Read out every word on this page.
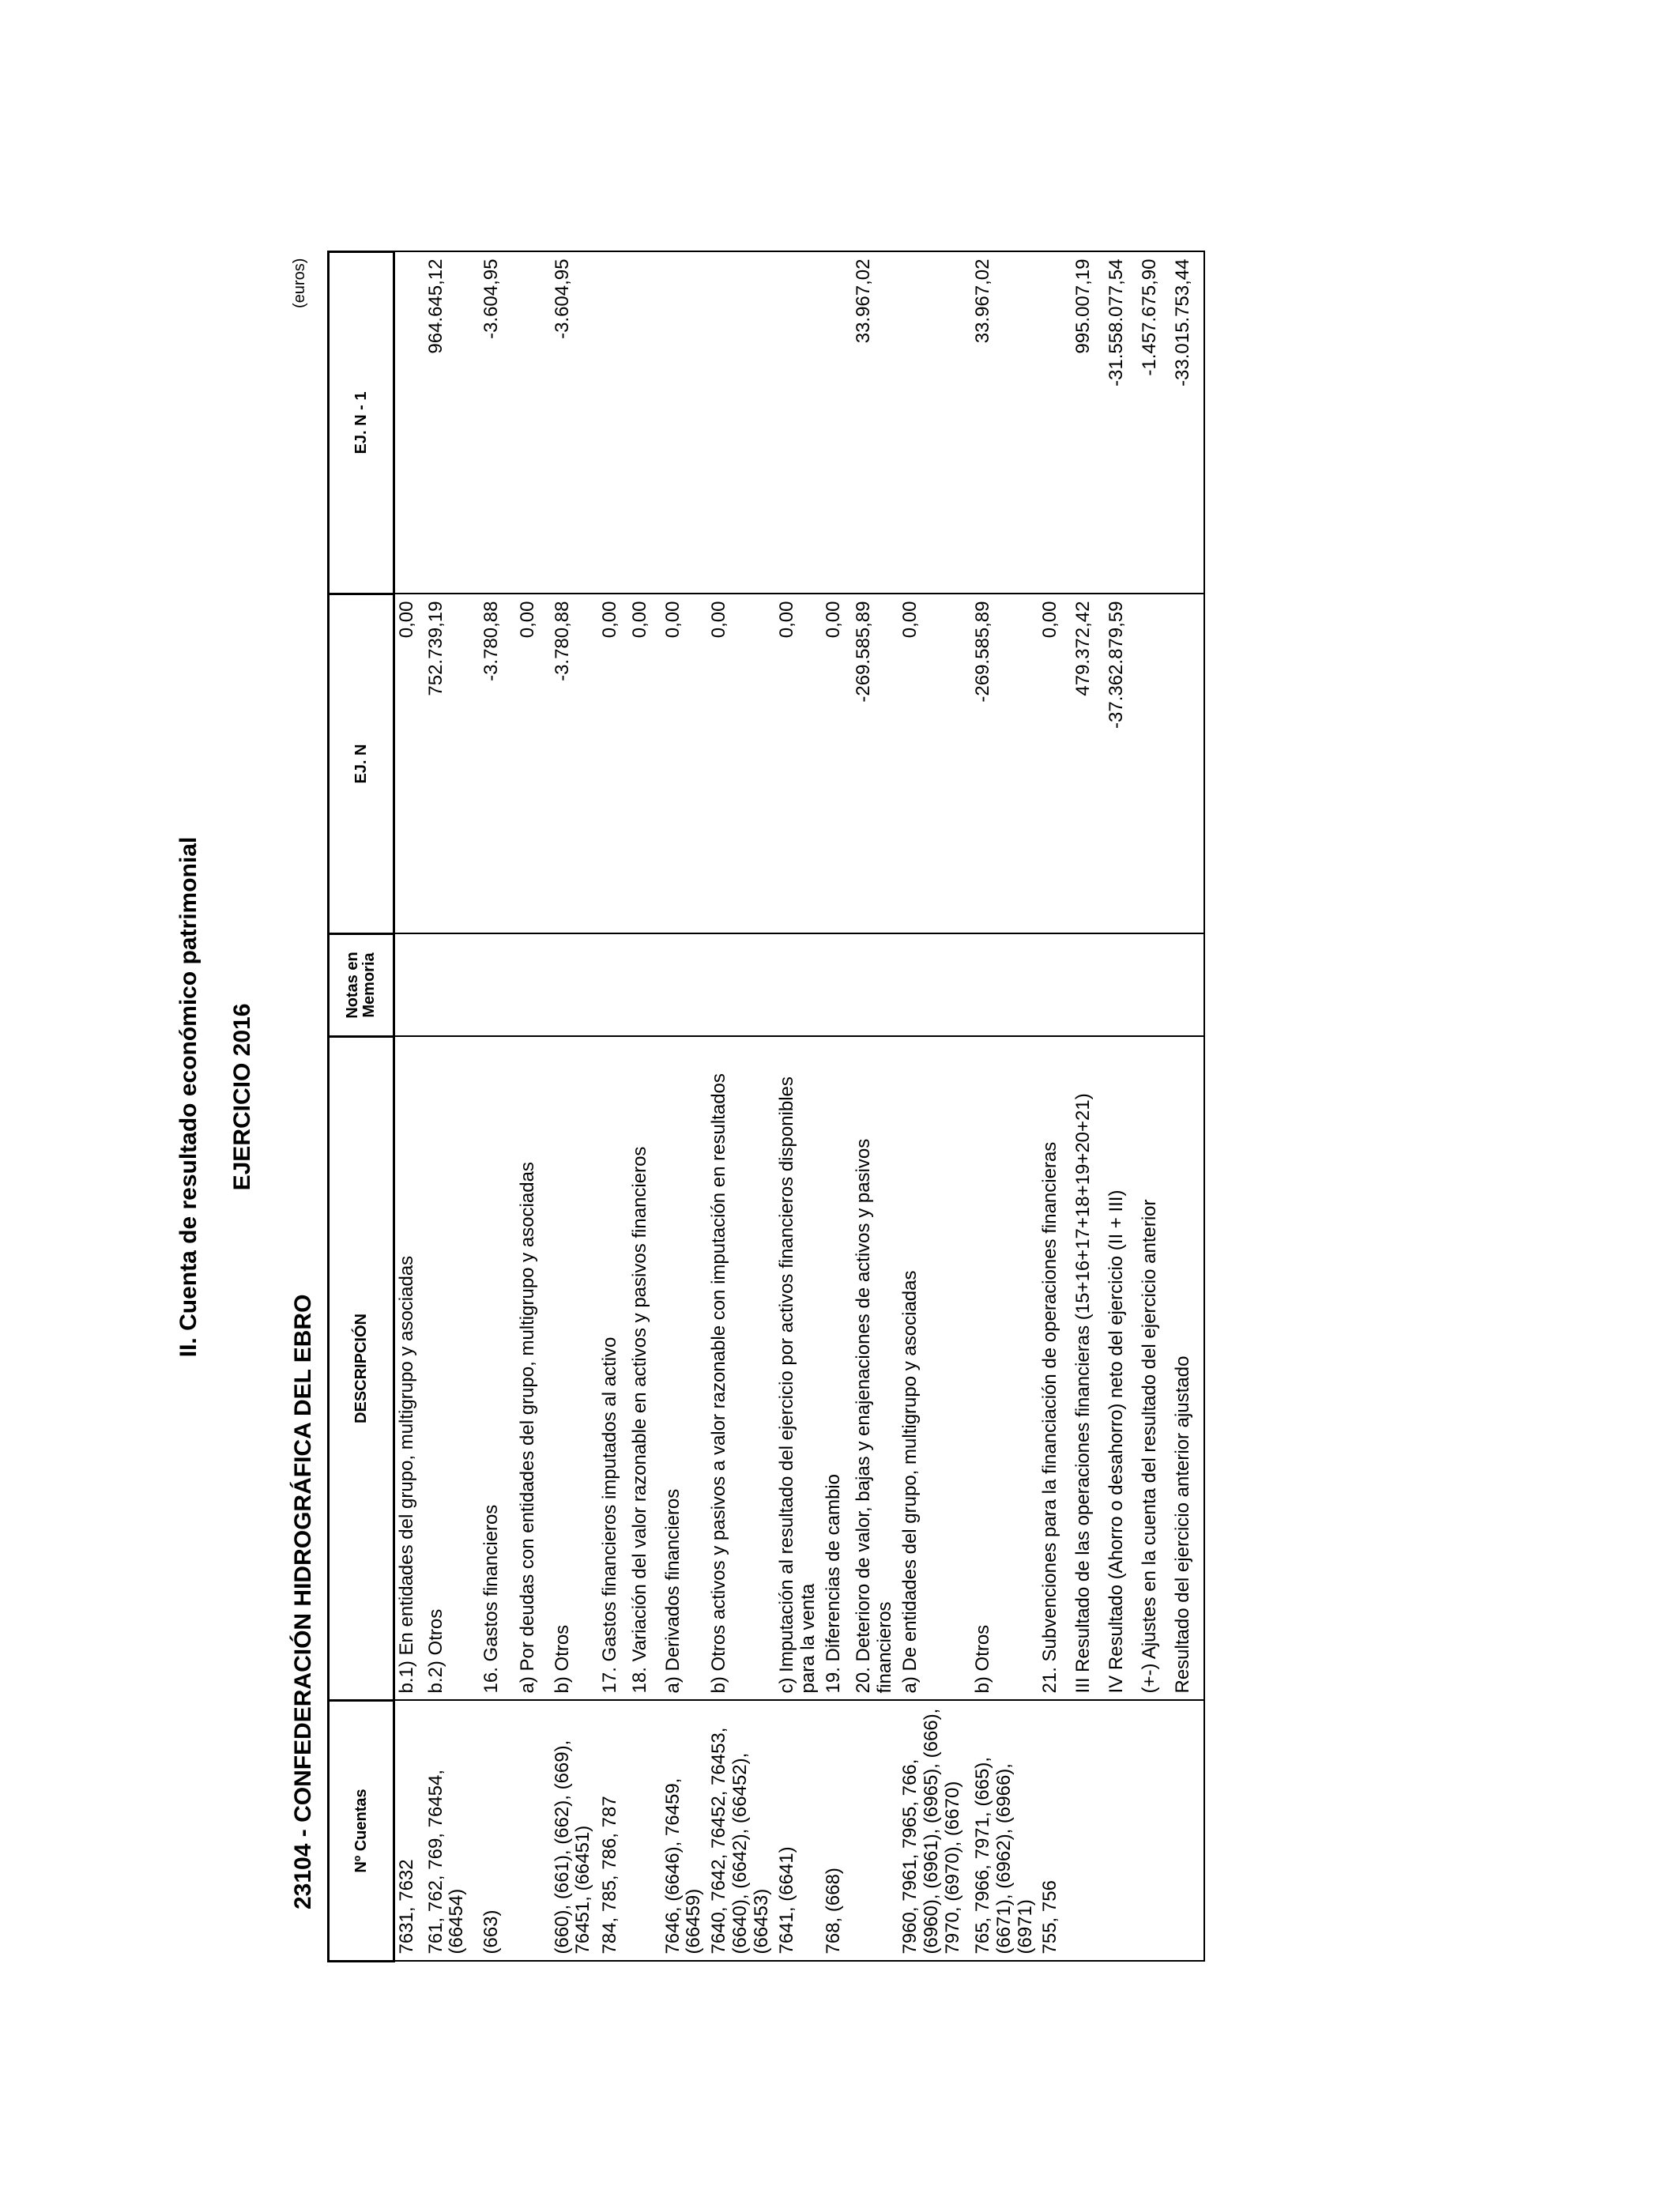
II. Cuenta de resultado económico patrimonial EJERCICIO 2016
23104 - CONFEDERACIÓN HIDROGRÁFICA DEL EBRO
(euros)
Nº Cuentas	DESCRIPCIÓN	Notas en Memoria	EJ. N	EJ. N - 1
7631, 7632	b.1) En entidades del grupo, multigrupo y asociadas		0,00	
761, 762, 769, 76454, (66454)	b.2) Otros		752.739,19	964.645,12
(663)	16. Gastos financieros		-3.780,88	-3.604,95
	a) Por deudas con entidades del grupo, multigrupo y asociadas		0,00	
(660), (661), (662), (669), 76451, (66451)	b) Otros		-3.780,88	-3.604,95
784, 785, 786, 787	17. Gastos financieros imputados al activo		0,00	
	18. Variación del valor razonable en activos y pasivos financieros		0,00	
7646, (6646), 76459, (66459)	a) Derivados financieros		0,00	
7640, 7642, 76452, 76453, (6640), (6642), (66452), (66453)	b) Otros activos y pasivos a valor razonable con imputación en resultados		0,00	
7641, (6641)	c) Imputación al resultado del ejercicio por activos financieros disponibles para la venta		0,00	
768, (668)	19. Diferencias de cambio		0,00	
	20. Deterioro de valor, bajas y enajenaciones de activos y pasivos financieros		-269.585,89	33.967,02
7960, 7961, 7965, 766, (6960), (6961), (6965), (666), 7970, (6970), (6670)	a) De entidades del grupo, multigrupo y asociadas		0,00	
765, 7966, 7971, (665), (6671), (6962), (6966), (6971)	b) Otros		-269.585,89	33.967,02
755, 756	21. Subvenciones para la financiación de operaciones financieras		0,00	
	III Resultado de las operaciones financieras (15+16+17+18+19+20+21)		479.372,42	995.007,19
	IV Resultado (Ahorro o desahorro) neto del ejercicio (II + III)		-37.362.879,59	-31.558.077,54
	(+-) Ajustes en la cuenta del resultado del ejercicio anterior			-1.457.675,90
	Resultado del ejercicio anterior ajustado			-33.015.753,44
